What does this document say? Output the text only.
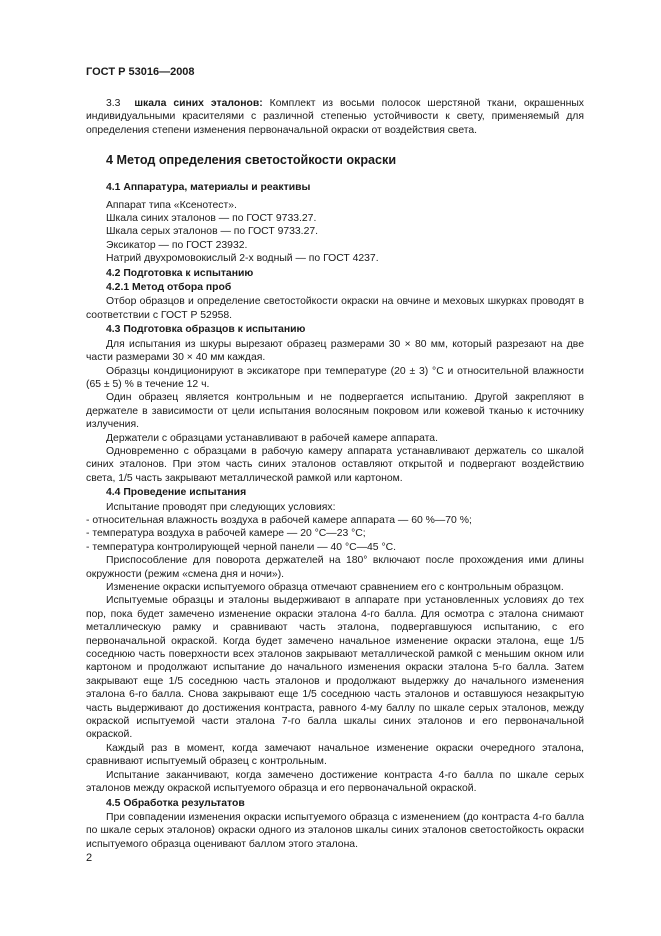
ГОСТ Р 53016—2008

3.3 шкала синих эталонов: Комплект из восьми полосок шерстяной ткани, окрашенных индивидуальными красителями с различной степенью устойчивости к свету, применяемый для определения степени изменения первоначальной окраски от воздействия света.

4 Метод определения светостойкости окраски
4.1 Аппаратура, материалы и реактивы

Аппарат типа «Ксенотест».

Шкала синих эталонов — по ГОСТ 9733.27.

Шкала серых эталонов — по ГОСТ 9733.27.

Эксикатор — по ГОСТ 23932.

Натрий двухромовокислый 2-х водный — по ГОСТ 4237.

4.2 Подготовка к испытанию
4.2.1 Метод отбора проб

Отбор образцов и определение светостойкости окраски на овчине и меховых шкурках проводят в соответствии с ГОСТ Р 52958.

4.3 Подготовка образцов к испытанию

Для испытания из шкуры вырезают образец размерами 30 × 80 мм, который разрезают на две части размерами 30 × 40 мм каждая.

Образцы кондиционируют в эксикаторе при температуре (20 ± 3) °С и относительной влажности (65 ± 5) % в течение 12 ч.

Один образец является контрольным и не подвергается испытанию. Другой закрепляют в держателе в зависимости от цели испытания волосяным покровом или кожевой тканью к источнику излучения.

Держатели с образцами устанавливают в рабочей камере аппарата.

Одновременно с образцами в рабочую камеру аппарата устанавливают держатель со шкалой синих эталонов. При этом часть синих эталонов оставляют открытой и подвергают воздействию света, 1/5 часть закрывают металлической рамкой или картоном.

4.4 Проведение испытания

Испытание проводят при следующих условиях:

- относительная влажность воздуха в рабочей камере аппарата — 60 %—70 %;

- температура воздуха в рабочей камере — 20 °С—23 °С;

- температура контролирующей черной панели — 40 °С—45 °С.

Приспособление для поворота держателей на 180° включают после прохождения ими длины окружности (режим «смена дня и ночи»).

Изменение окраски испытуемого образца отмечают сравнением его с контрольным образцом.

Испытуемые образцы и эталоны выдерживают в аппарате при установленных условиях до тех пор, пока будет замечено изменение окраски эталона 4-го балла. Для осмотра с эталона снимают металлическую рамку и сравнивают часть эталона, подвергавшуюся испытанию, с его первоначальной окраской. Когда будет замечено начальное изменение окраски эталона, еще 1/5 соседнюю часть поверхности всех эталонов закрывают металлической рамкой с меньшим окном или картоном и продолжают испытание до начального изменения окраски эталона 5-го балла. Затем закрывают еще 1/5 соседнюю часть эталонов и продолжают выдержку до начального изменения эталона 6-го балла. Снова закрывают еще 1/5 соседнюю часть эталонов и оставшуюся незакрытую часть выдерживают до достижения контраста, равного 4-му баллу по шкале серых эталонов, между окраской испытуемой части эталона 7-го балла шкалы синих эталонов и его первоначальной окраской.

Каждый раз в момент, когда замечают начальное изменение окраски очередного эталона, сравнивают испытуемый образец с контрольным.

Испытание заканчивают, когда замечено достижение контраста 4-го балла по шкале серых эталонов между окраской испытуемого образца и его первоначальной окраской.

4.5 Обработка результатов

При совпадении изменения окраски испытуемого образца с изменением (до контраста 4-го балла по шкале серых эталонов) окраски одного из эталонов шкалы синих эталонов светостойкость окраски испытуемого образца оценивают баллом этого эталона.

2
